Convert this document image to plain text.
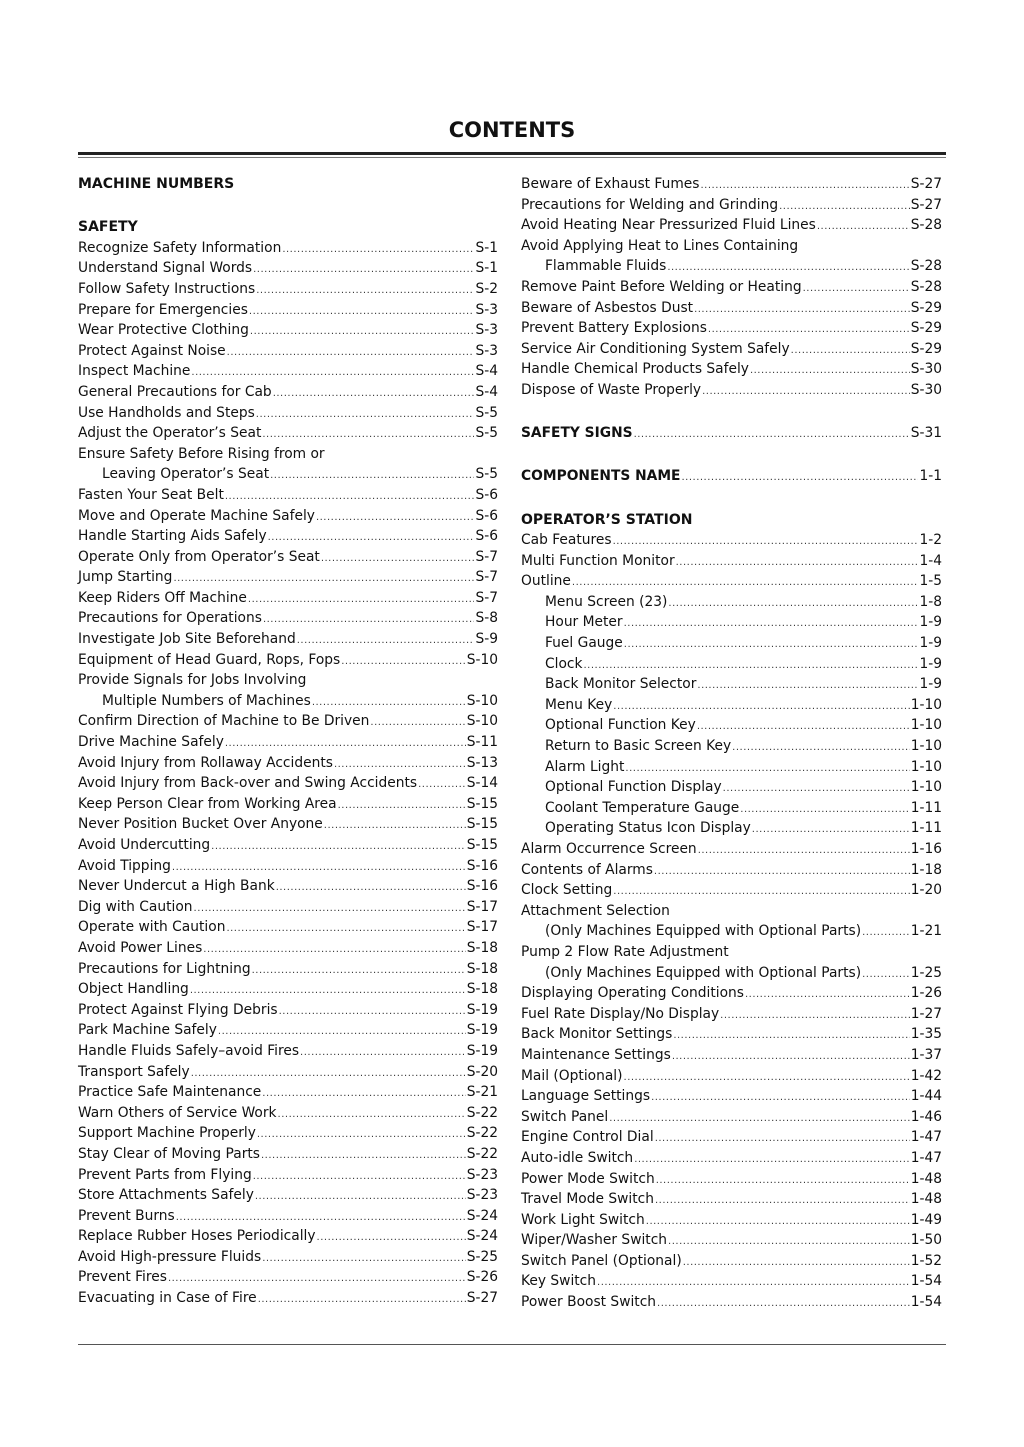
CONTENTS
MACHINE NUMBERS
SAFETY
Recognize Safety Information .....	S-1
Understand Signal Words .....	S-1
Follow Safety Instructions .....	S-2
Prepare for Emergencies .....	S-3
Wear Protective Clothing .....	S-3
Protect Against Noise .....	S-3
Inspect Machine .....	S-4
General Precautions for Cab .....	S-4
Use Handholds and Steps .....	S-5
Adjust the Operator’s Seat .....	S-5
Ensure Safety Before Rising from or
Leaving Operator’s Seat .....	S-5
Fasten Your Seat Belt .....	S-6
Move and Operate Machine Safely .....	S-6
Handle Starting Aids Safely .....	S-6
Operate Only from Operator’s Seat .....	S-7
Jump Starting .....	S-7
Keep Riders Off Machine .....	S-7
Precautions for Operations .....	S-8
Investigate Job Site Beforehand .....	S-9
Equipment of Head Guard, Rops, Fops .....	S-10
Provide Signals for Jobs Involving
Multiple Numbers of Machines .....	S-10
Confirm Direction of Machine to Be Driven .....	S-10
Drive Machine Safely .....	S-11
Avoid Injury from Rollaway Accidents .....	S-13
Avoid Injury from Back-over and Swing Accidents .....	S-14
Keep Person Clear from Working Area .....	S-15
Never Position Bucket Over Anyone .....	S-15
Avoid Undercutting .....	S-15
Avoid Tipping .....	S-16
Never Undercut a High Bank .....	S-16
Dig with Caution .....	S-17
Operate with Caution .....	S-17
Avoid Power Lines .....	S-18
Precautions for Lightning .....	S-18
Object Handling .....	S-18
Protect Against Flying Debris .....	S-19
Park Machine Safely .....	S-19
Handle Fluids Safely–avoid Fires .....	S-19
Transport Safely .....	S-20
Practice Safe Maintenance .....	S-21
Warn Others of Service Work .....	S-22
Support Machine Properly .....	S-22
Stay Clear of Moving Parts .....	S-22
Prevent Parts from Flying .....	S-23
Store Attachments Safely .....	S-23
Prevent Burns .....	S-24
Replace Rubber Hoses Periodically .....	S-24
Avoid High-pressure Fluids .....	S-25
Prevent Fires .....	S-26
Evacuating in Case of Fire .....	S-27
Beware of Exhaust Fumes .....	S-27
Precautions for Welding and Grinding .....	S-27
Avoid Heating Near Pressurized Fluid Lines .....	S-28
Avoid Applying Heat to Lines Containing
Flammable Fluids .....	S-28
Remove Paint Before Welding or Heating .....	S-28
Beware of Asbestos Dust .....	S-29
Prevent Battery Explosions .....	S-29
Service Air Conditioning System Safely .....	S-29
Handle Chemical Products Safely .....	S-30
Dispose of Waste Properly .....	S-30
SAFETY SIGNS .....	S-31
COMPONENTS NAME .....	1-1
OPERATOR’S STATION
Cab Features .....	1-2
Multi Function Monitor .....	1-4
Outline .....	1-5
Menu Screen (23) .....	1-8
Hour Meter .....	1-9
Fuel Gauge .....	1-9
Clock .....	1-9
Back Monitor Selector .....	1-9
Menu Key .....	1-10
Optional Function Key .....	1-10
Return to Basic Screen Key .....	1-10
Alarm Light .....	1-10
Optional Function Display .....	1-10
Coolant Temperature Gauge .....	1-11
Operating Status Icon Display .....	1-11
Alarm Occurrence Screen .....	1-16
Contents of Alarms .....	1-18
Clock Setting .....	1-20
Attachment Selection
(Only Machines Equipped with Optional Parts) .....	1-21
Pump 2 Flow Rate Adjustment
(Only Machines Equipped with Optional Parts) .....	1-25
Displaying Operating Conditions .....	1-26
Fuel Rate Display/No Display .....	1-27
Back Monitor Settings .....	1-35
Maintenance Settings .....	1-37
Mail (Optional) .....	1-42
Language Settings .....	1-44
Switch Panel .....	1-46
Engine Control Dial .....	1-47
Auto-idle Switch .....	1-47
Power Mode Switch .....	1-48
Travel Mode Switch .....	1-48
Work Light Switch .....	1-49
Wiper/Washer Switch .....	1-50
Switch Panel (Optional) .....	1-52
Key Switch .....	1-54
Power Boost Switch .....	1-54
